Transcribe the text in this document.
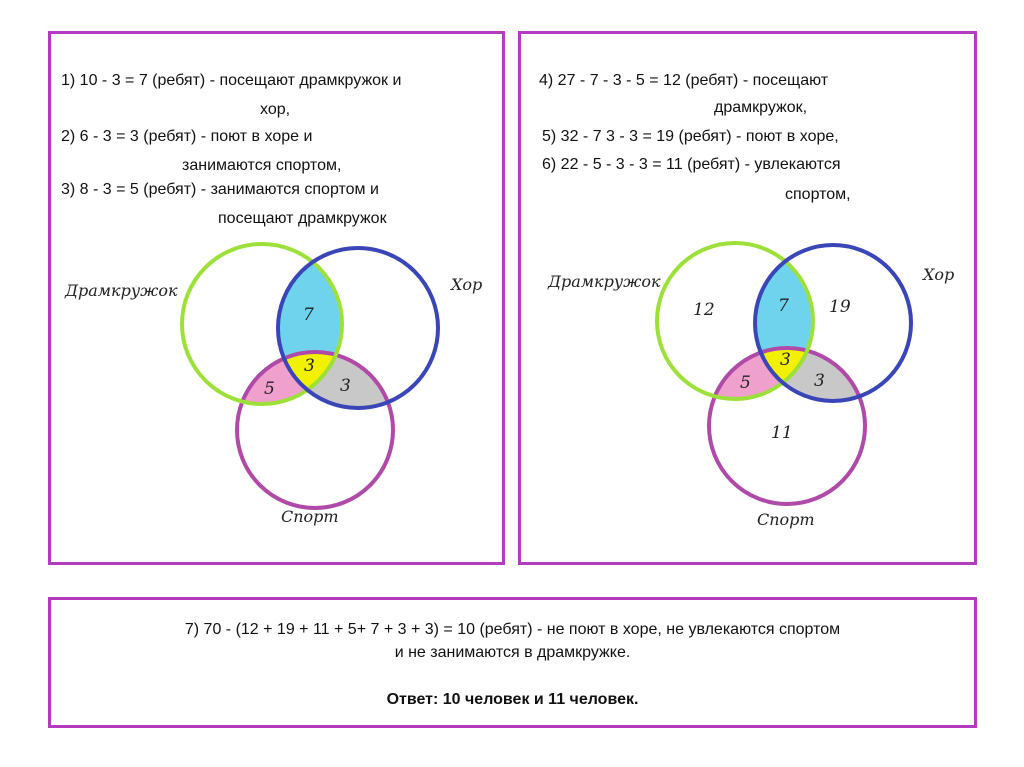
1) 10 - 3 = 7 (ребят) - посещают драмкружок и
хор,
2) 6 - 3 = 3 (ребят) - поют в хоре и
занимаются спортом,
3) 8 - 3 = 5 (ребят) - занимаются спортом и
посещают драмкружок
Драмкружок	Хор
Спорт
7
3
5	3
4) 27 - 7 - 3 - 5 = 12 (ребят) - посещают
драмкружок,
5) 32 - 7 3 - 3 = 19 (ребят) - поют в хоре,
6) 22 - 5 - 3 - 3 = 11 (ребят) - увлекаются
спортом,
Драмкружок	Хор
Спорт
12	19
11
7
3
5	3
7) 70 - (12 + 19 + 11 + 5+ 7 + 3 + 3) = 10 (ребят) - не поют в хоре, не увлекаются спортом
и не занимаются в драмкружке.
Ответ: 10 человек и 11 человек.
